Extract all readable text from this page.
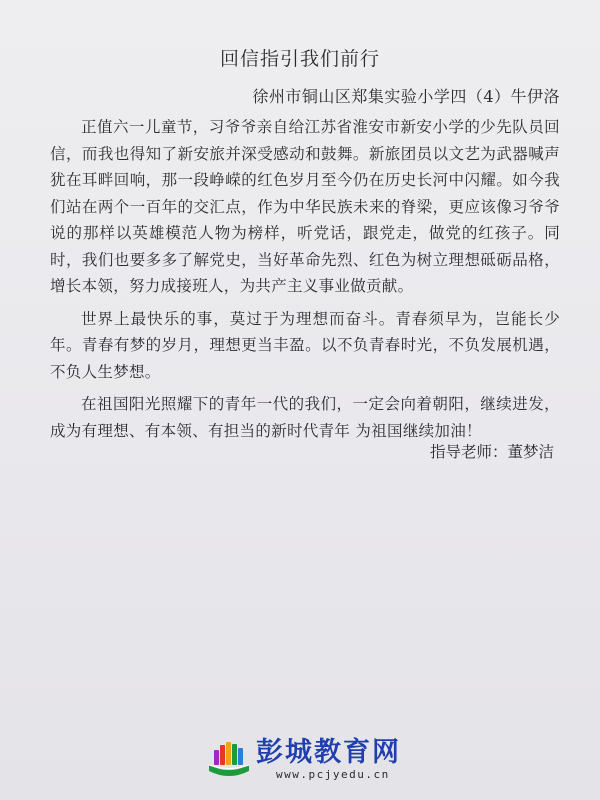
回信指引我们前行
徐州市铜山区郑集实验小学四（4）牛伊洛

正值六一儿童节，习爷爷亲自给江苏省淮安市新安小学的少先队员回信，而我也得知了新安旅并深受感动和鼓舞。新旅团员以文艺为武器喊声犹在耳畔回响，那一段峥嵘的红色岁月至今仍在历史长河中闪耀。如今我们站在两个一百年的交汇点，作为中华民族未来的脊梁，更应该像习爷爷说的那样以英雄模范人物为榜样，听党话，跟党走，做党的红孩子。同时，我们也要多多了解党史，当好革命先烈、红色为树立理想砥砺品格，增长本领，努力成接班人，为共产主义事业做贡献。

世界上最快乐的事，莫过于为理想而奋斗。青春须早为，岂能长少年。青春有梦的岁月，理想更当丰盈。以不负青春时光，不负发展机遇，不负人生梦想。

在祖国阳光照耀下的青年一代的我们，一定会向着朝阳，继续进发，成为有理想、有本领、有担当的新时代青年 为祖国继续加油！

指导老师：董梦洁
彭城教育网
www.pcjyedu.cn
